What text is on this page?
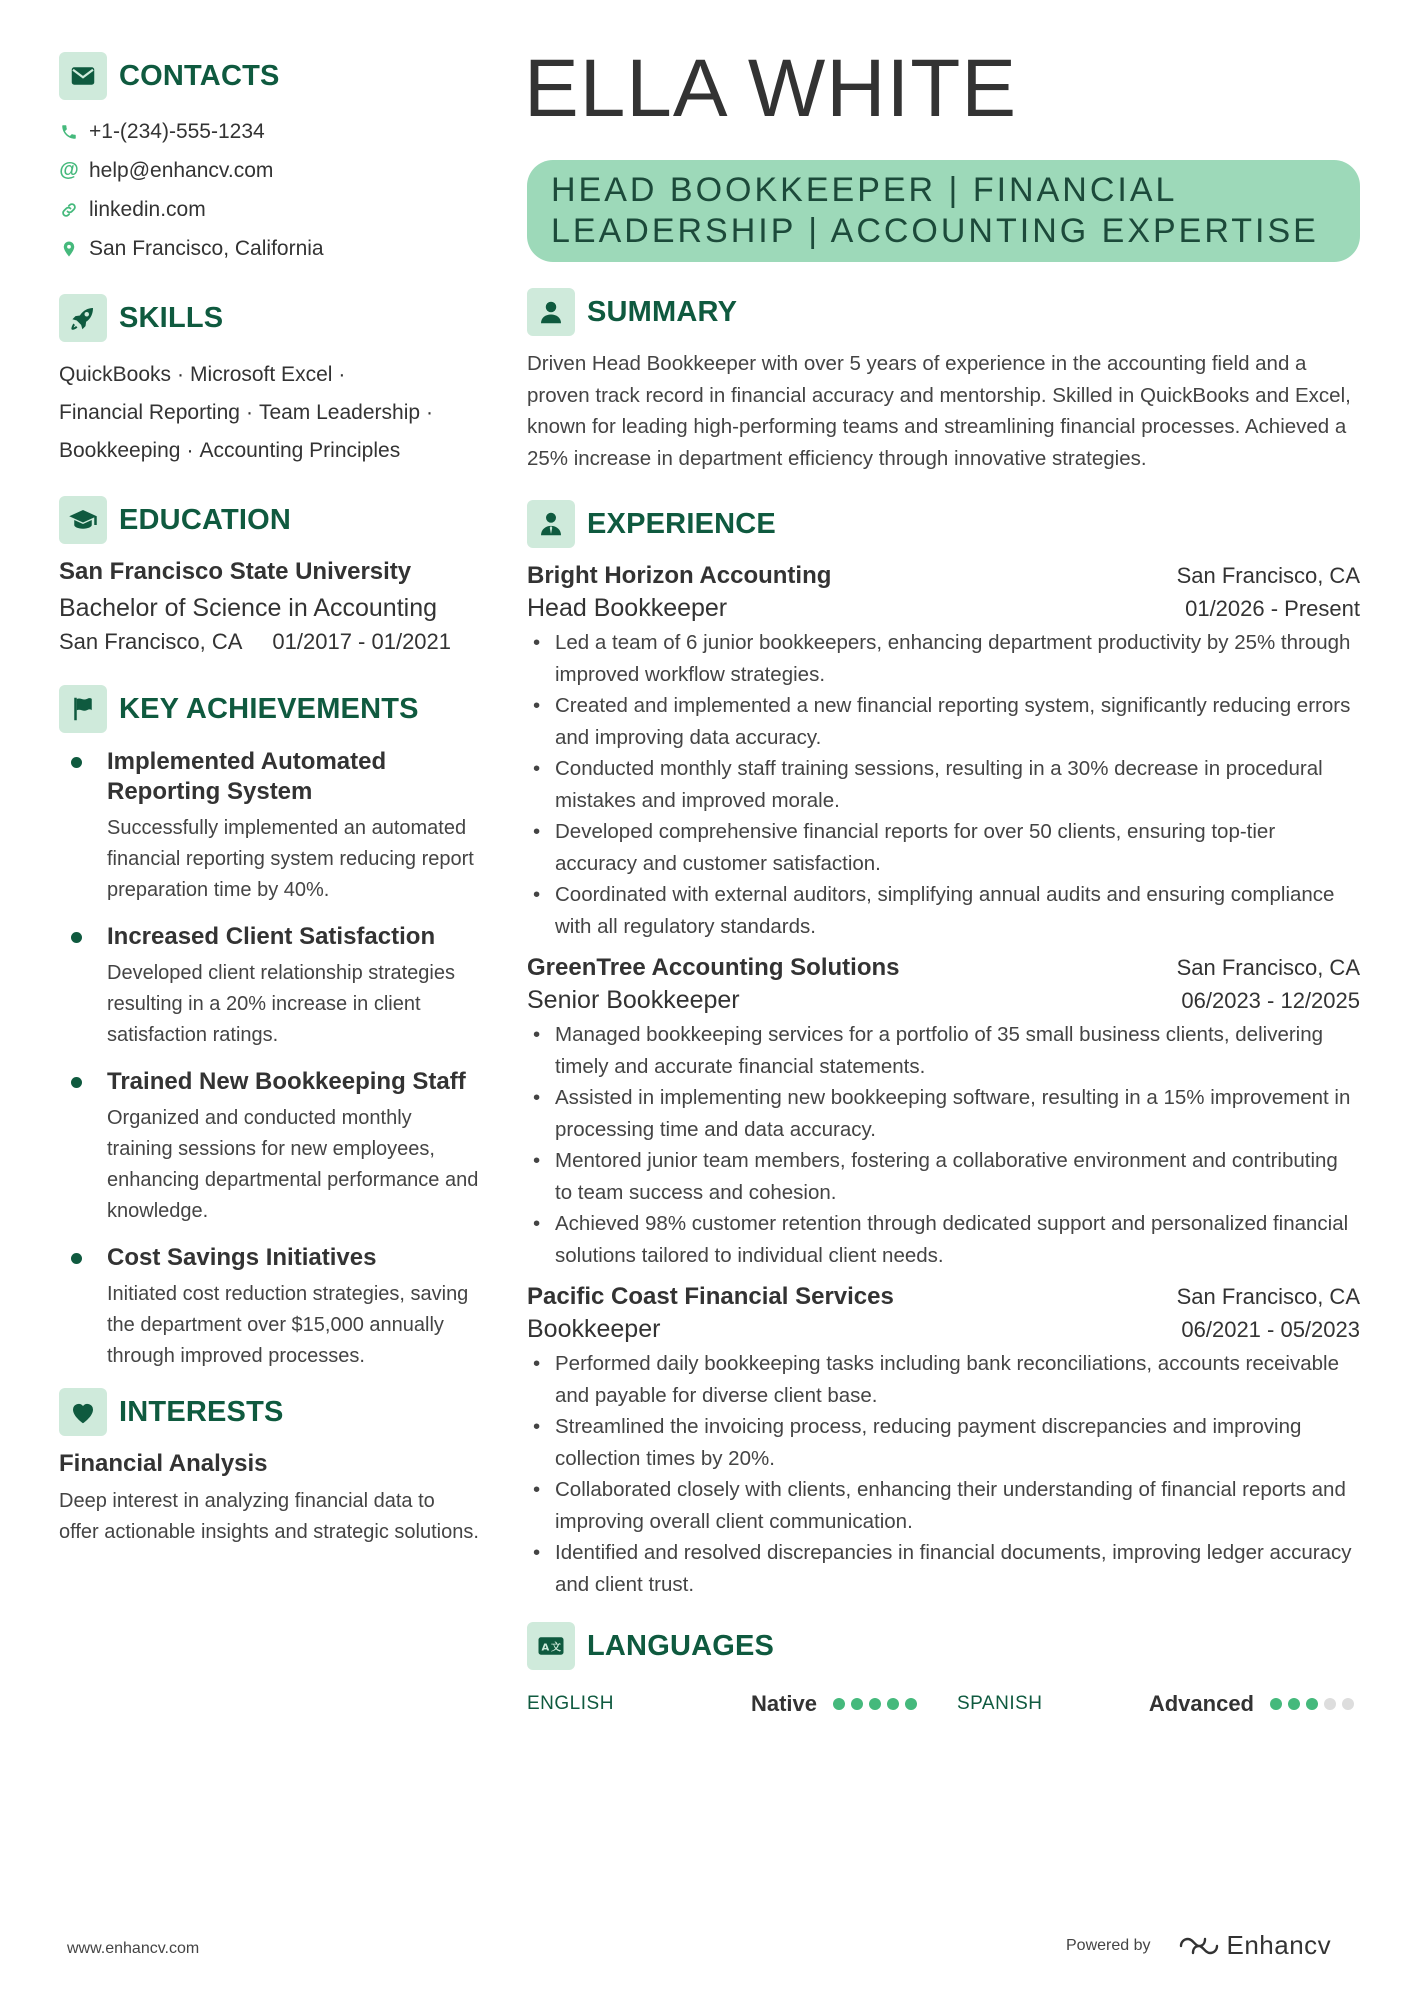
CONTACTS
+1-(234)-555-1234
@ help@enhancv.com
linkedin.com
San Francisco, California
SKILLS
QuickBooks · Microsoft Excel ·
Financial Reporting · Team Leadership ·
Bookkeeping · Accounting Principles
EDUCATION
San Francisco State University
Bachelor of Science in Accounting
San Francisco, CA 01/2017 - 01/2021
KEY ACHIEVEMENTS
Implemented Automated Reporting System
Successfully implemented an automated financial reporting system reducing report preparation time by 40%.
Increased Client Satisfaction
Developed client relationship strategies resulting in a 20% increase in client satisfaction ratings.
Trained New Bookkeeping Staff
Organized and conducted monthly training sessions for new employees, enhancing departmental performance and knowledge.
Cost Savings Initiatives
Initiated cost reduction strategies, saving the department over $15,000 annually through improved processes.
INTERESTS
Financial Analysis
Deep interest in analyzing financial data to offer actionable insights and strategic solutions.
ELLA WHITE
HEAD BOOKKEEPER | FINANCIAL LEADERSHIP | ACCOUNTING EXPERTISE
SUMMARY

Driven Head Bookkeeper with over 5 years of experience in the accounting field and a proven track record in financial accuracy and mentorship. Skilled in QuickBooks and Excel, known for leading high-performing teams and streamlining financial processes. Achieved a 25% increase in department efficiency through innovative strategies.

EXPERIENCE
Bright Horizon Accounting	San Francisco, CA
Head Bookkeeper	01/2026 - Present
• Led a team of 6 junior bookkeepers, enhancing department productivity by 25% through improved workflow strategies.
• Created and implemented a new financial reporting system, significantly reducing errors and improving data accuracy.
• Conducted monthly staff training sessions, resulting in a 30% decrease in procedural mistakes and improved morale.
• Developed comprehensive financial reports for over 50 clients, ensuring top-tier accuracy and customer satisfaction.
• Coordinated with external auditors, simplifying annual audits and ensuring compliance with all regulatory standards.
GreenTree Accounting Solutions	San Francisco, CA
Senior Bookkeeper	06/2023 - 12/2025
• Managed bookkeeping services for a portfolio of 35 small business clients, delivering timely and accurate financial statements.
• Assisted in implementing new bookkeeping software, resulting in a 15% improvement in processing time and data accuracy.
• Mentored junior team members, fostering a collaborative environment and contributing to team success and cohesion.
• Achieved 98% customer retention through dedicated support and personalized financial solutions tailored to individual client needs.
Pacific Coast Financial Services	San Francisco, CA
Bookkeeper	06/2021 - 05/2023
• Performed daily bookkeeping tasks including bank reconciliations, accounts receivable and payable for diverse client base.
• Streamlined the invoicing process, reducing payment discrepancies and improving collection times by 20%.
• Collaborated closely with clients, enhancing their understanding of financial reports and improving overall client communication.
• Identified and resolved discrepancies in financial documents, improving ledger accuracy and client trust.
A 文 LANGUAGES
ENGLISH	Native	SPANISH	Advanced
www.enhancv.com	Powered by	Enhancv
